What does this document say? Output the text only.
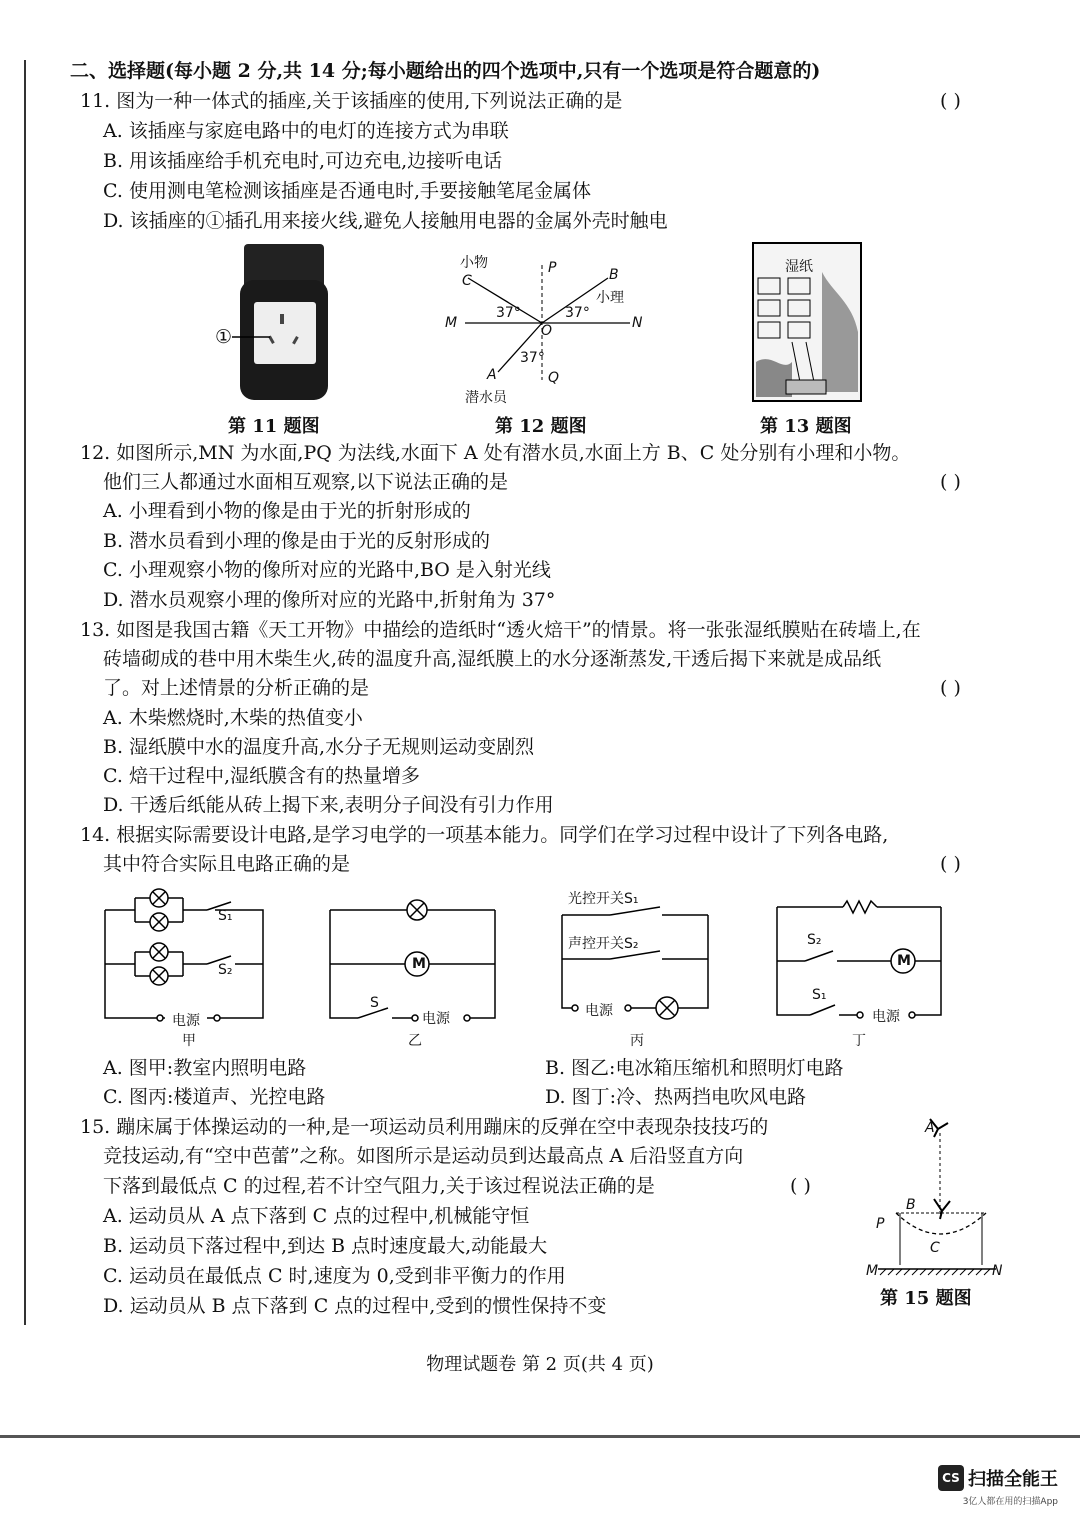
二、选择题(每小题 2 分,共 14 分;每小题给出的四个选项中,只有一个选项是符合题意的)
11. 图为一种一体式的插座,关于该插座的使用,下列说法正确的是	( )
A. 该插座与家庭电路中的电灯的连接方式为串联
B. 用该插座给手机充电时,可边充电,边接听电话
C. 使用测电笔检测该插座是否通电时,手要接触笔尾金属体
D. 该插座的①插孔用来接火线,避免人接触用电器的金属外壳时触电
①
第 11 题图
小物
C
P	B
小理
M	N
O
37°	37°
37°
A	Q
潜水员
第 12 题图
湿纸
第 13 题图
12. 如图所示,MN 为水面,PQ 为法线,水面下 A 处有潜水员,水面上方 B、C 处分别有小理和小物。
他们三人都通过水面相互观察,以下说法正确的是	( )
A. 小理看到小物的像是由于光的折射形成的
B. 潜水员看到小理的像是由于光的反射形成的
C. 小理观察小物的像所对应的光路中,BO 是入射光线
D. 潜水员观察小理的像所对应的光路中,折射角为 37°
13. 如图是我国古籍《天工开物》中描绘的造纸时“透火焙干”的情景。将一张张湿纸膜贴在砖墙上,在
砖墙砌成的巷中用木柴生火,砖的温度升高,湿纸膜上的水分逐渐蒸发,干透后揭下来就是成品纸
了。对上述情景的分析正确的是	( )
A. 木柴燃烧时,木柴的热值变小
B. 湿纸膜中水的温度升高,水分子无规则运动变剧烈
C. 焙干过程中,湿纸膜含有的热量增多
D. 干透后纸能从砖上揭下来,表明分子间没有引力作用
14. 根据实际需要设计电路,是学习电学的一项基本能力。同学们在学习过程中设计了下列各电路,
其中符合实际且电路正确的是	( )
S₁
S₂
电源
甲
M
S
电源
乙
光控开关S₁
声控开关S₂
电源
丙
S₂
M
S₁
电源
丁
A. 图甲:教室内照明电路	B. 图乙:电冰箱压缩机和照明灯电路
C. 图丙:楼道声、光控电路	D. 图丁:冷、热两挡电吹风电路
15. 蹦床属于体操运动的一种,是一项运动员利用蹦床的反弹在空中表现杂技技巧的
竞技运动,有“空中芭蕾”之称。如图所示是运动员到达最高点 A 后沿竖直方向
下落到最低点 C 的过程,若不计空气阻力,关于该过程说法正确的是	( )
A. 运动员从 A 点下落到 C 点的过程中,机械能守恒
B. 运动员下落过程中,到达 B 点时速度最大,动能最大
C. 运动员在最低点 C 时,速度为 0,受到非平衡力的作用
D. 运动员从 B 点下落到 C 点的过程中,受到的惯性保持不变
A
B
P
C
M	N
第 15 题图
物理试题卷 第 2 页(共 4 页)
CS 扫描全能王
3亿人都在用的扫描App
